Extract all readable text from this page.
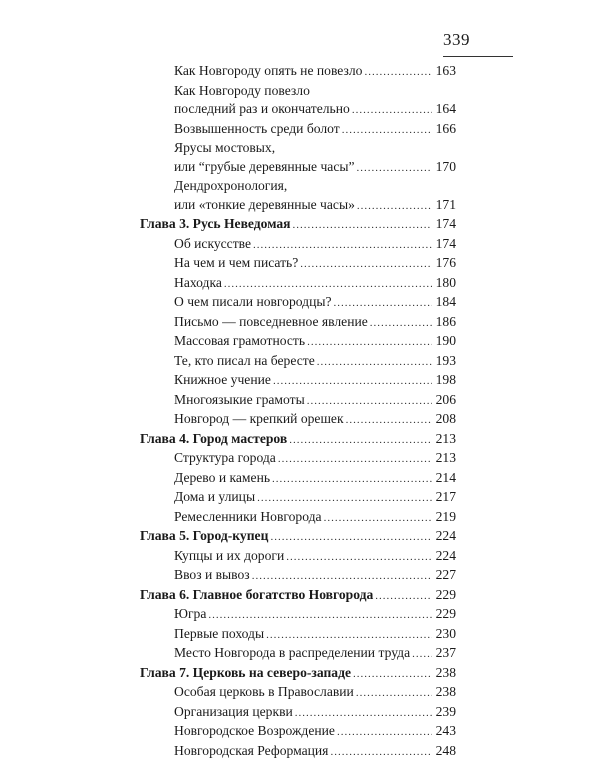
339
Как Новгороду опять не повезло .....	163
Как Новгороду повезло
последний раз и окончательно .....	164
Возвышенность среди болот .....	166
Ярусы мостовых,
или “грубые деревянные часы” .....	170
Дендрохронология,
или «тонкие деревянные часы» .....	171
Глава 3. Русь Неведомая .....	174
Об искусстве .....	174
На чем и чем писать? .....	176
Находка .....	180
О чем писали новгородцы? .....	184
Письмо — повседневное явление .....	186
Массовая грамотность .....	190
Те, кто писал на бересте .....	193
Книжное учение .....	198
Многоязыкие грамоты .....	206
Новгород — крепкий орешек .....	208
Глава 4. Город мастеров .....	213
Структура города .....	213
Дерево и камень .....	214
Дома и улицы .....	217
Ремесленники Новгорода .....	219
Глава 5. Город-купец .....	224
Купцы и их дороги .....	224
Ввоз и вывоз .....	227
Глава 6. Главное богатство Новгорода .....	229
Югра .....	229
Первые походы .....	230
Место Новгорода в распределении труда ..... 237
Глава 7. Церковь на северо-западе .....	238
Особая церковь в Православии .....	238
Организация церкви .....	239
Новгородское Возрождение .....	243
Новгородская Реформация .....	248
